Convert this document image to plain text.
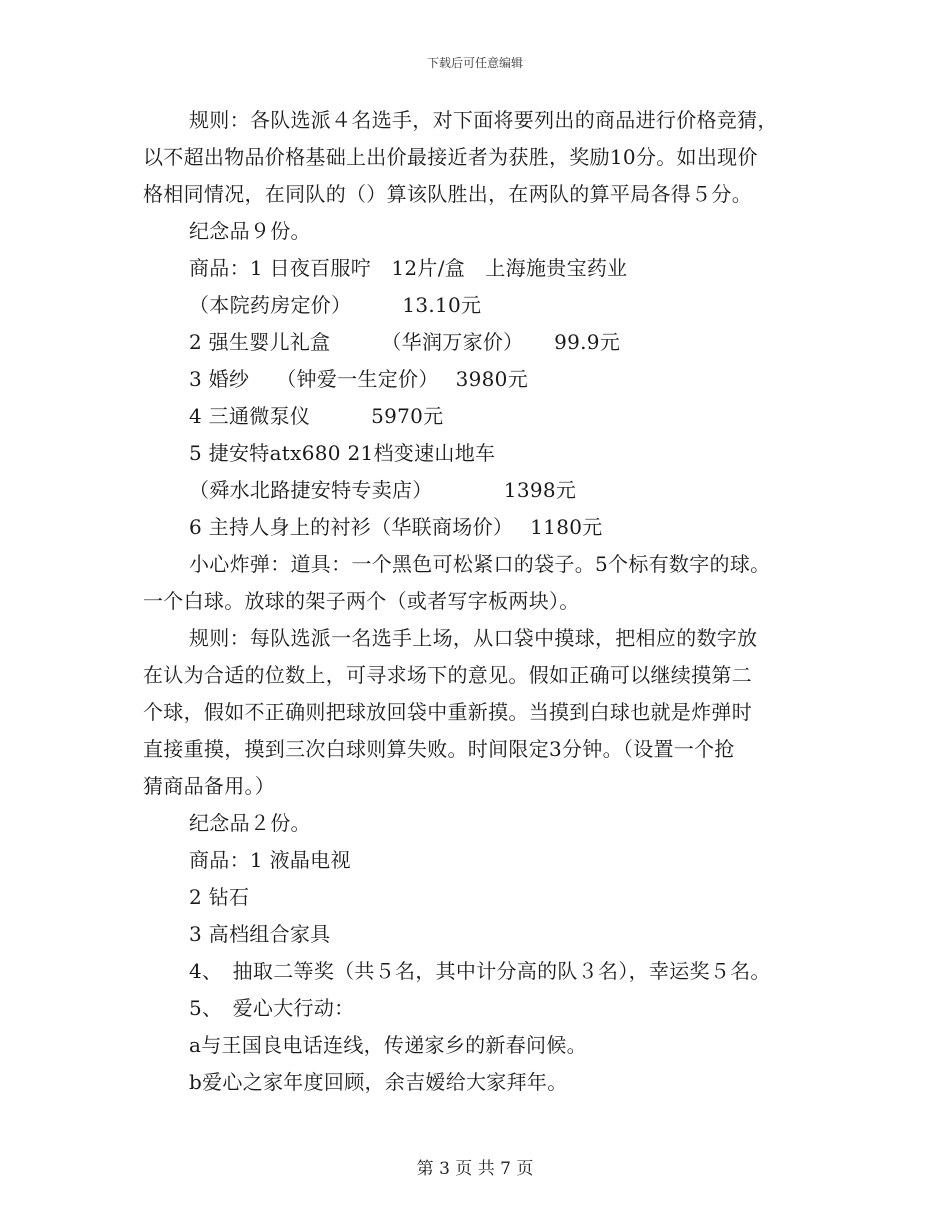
下载后可任意编辑
规则：各队选派４名选手，对下面将要列出的商品进行价格竞猜，
以不超出物品价格基础上出价最接近者为获胜，奖励10分。如出现价
格相同情况，在同队的（）算该队胜出，在两队的算平局各得５分。
纪念品９份。
商品：1 日夜百服咛　12片/盒　上海施贵宝药业
（本院药房定价）　　　13.10元
2 强生婴儿礼盒　　　（华润万家价）　　99.9元
3 婚纱　 （钟爱一生定价）　 3980元
4 三通微泵仪　　　5970元
5 捷安特atx680 21档变速山地车
（舜水北路捷安特专卖店）　　　　1398元
6 主持人身上的衬衫（华联商场价）　 1180元
小心炸弹：道具：一个黑色可松紧口的袋子。5个标有数字的球。
一个白球。放球的架子两个（或者写字板两块）。
规则：每队选派一名选手上场，从口袋中摸球，把相应的数字放
在认为合适的位数上，可寻求场下的意见。假如正确可以继续摸第二
个球，假如不正确则把球放回袋中重新摸。当摸到白球也就是炸弹时
直接重摸，摸到三次白球则算失败。时间限定3分钟。（设置一个抢
猜商品备用。）
纪念品２份。
商品：1 液晶电视
2 钻石
3 高档组合家具
4、　抽取二等奖（共５名，其中计分高的队３名），幸运奖５名。
5、　爱心大行动：
a与王国良电话连线，传递家乡的新春问候。
b爱心之家年度回顾，余吉嫒给大家拜年。
第 3 页 共 7 页
